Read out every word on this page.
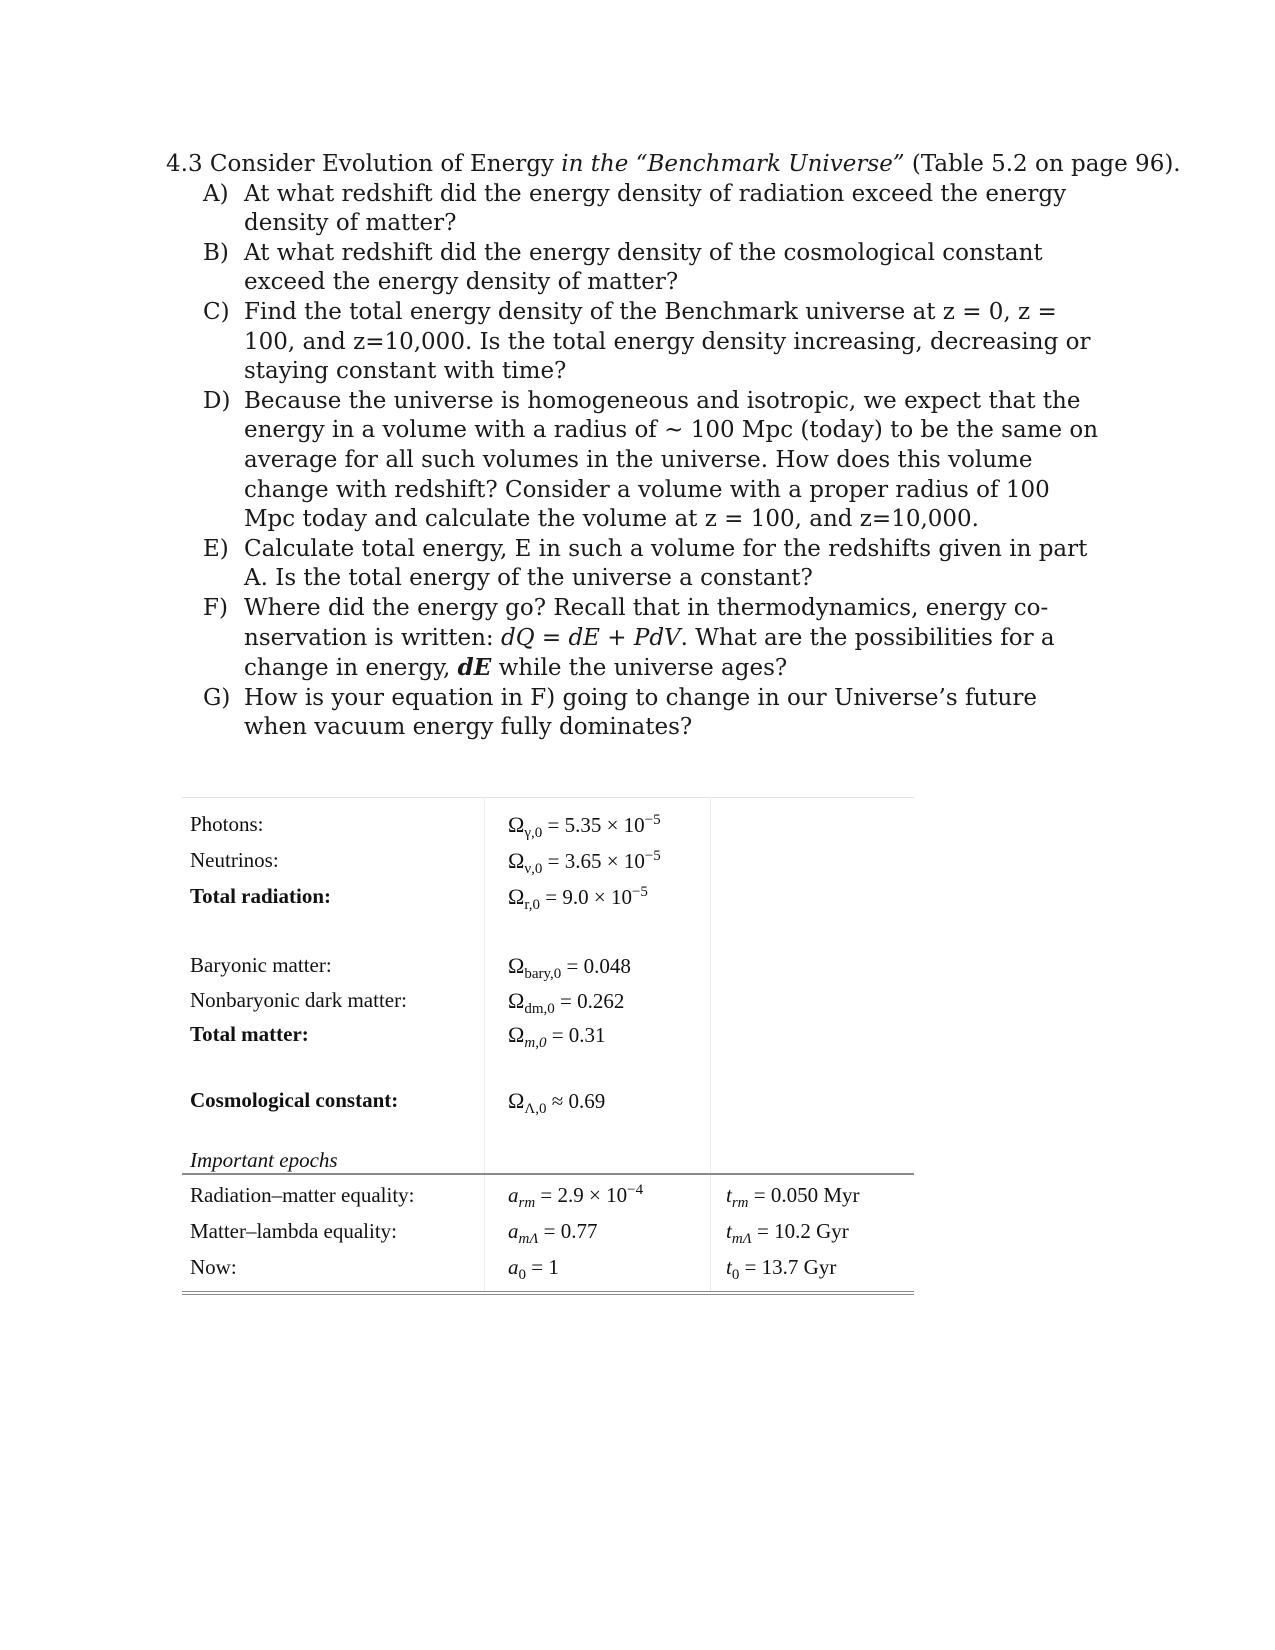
4.3 Consider Evolution of Energy in the “Benchmark Universe” (Table 5.2 on page 96).

A) At what redshift did the energy density of radiation exceed the energy density of matter?
B) At what redshift did the energy density of the cosmological constant exceed the energy density of matter?
C) Find the total energy density of the Benchmark universe at z = 0, z = 100, and z=10,000. Is the total energy density increasing, decreasing or staying constant with time?
D) Because the universe is homogeneous and isotropic, we expect that the energy in a volume with a radius of ~ 100 Mpc (today) to be the same on average for all such volumes in the universe. How does this volume change with redshift? Consider a volume with a proper radius of 100 Mpc today and calculate the volume at z = 100, and z=10,000.
E) Calculate total energy, E in such a volume for the redshifts given in part A. Is the total energy of the universe a constant?
F) Where did the energy go? Recall that in thermodynamics, energy co-nservation is written: dQ = dE + PdV. What are the possibilities for a change in energy, dE while the universe ages?
G) How is your equation in F) going to change in our Universe’s future when vacuum energy fully dominates?
Photons:	$\Omega_{\gamma,0} = 5.35 \times 10^{-5}$
Neutrinos:	$\Omega_{\nu,0} = 3.65 \times 10^{-5}$
Total radiation:	$\Omega_{r,0} = 9.0 \times 10^{-5}$
Baryonic matter:	$\Omega_{bary,0} = 0.048$
Nonbaryonic dark matter:	$\Omega_{dm,0} = 0.262$
Total matter:	$\Omega_{m,0} = 0.31$
Cosmological constant:	$\Omega_{\Lambda,0} \approx 0.69$
Important epochs
Radiation–matter equality:	$a_{rm} = 2.9 \times 10^{-4}$	$t_{rm} = 0.050$ Myr
Matter–lambda equality:	$a_{m\Lambda} = 0.77$	$t_{m\Lambda} = 10.2$ Gyr
Now:	$a_0 = 1$	$t_0 = 13.7$ Gyr
